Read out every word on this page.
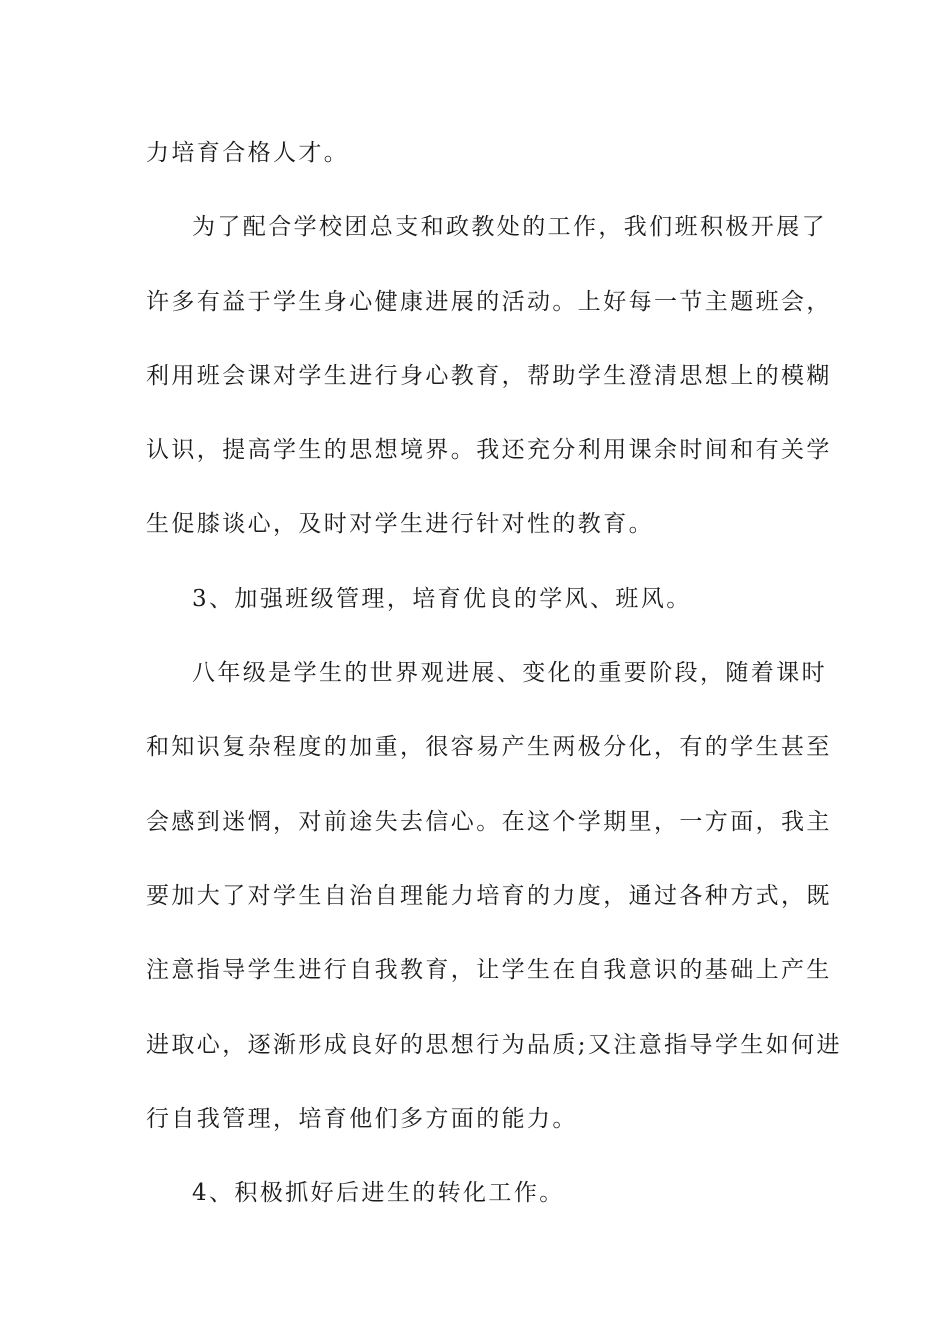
力培育合格人才。
为了配合学校团总支和政教处的工作，我们班积极开展了
许多有益于学生身心健康进展的活动。上好每一节主题班会，
利用班会课对学生进行身心教育，帮助学生澄清思想上的模糊
认识，提高学生的思想境界。我还充分利用课余时间和有关学
生促膝谈心，及时对学生进行针对性的教育。
3、加强班级管理，培育优良的学风、班风。
八年级是学生的世界观进展、变化的重要阶段，随着课时
和知识复杂程度的加重，很容易产生两极分化，有的学生甚至
会感到迷惘，对前途失去信心。在这个学期里，一方面，我主
要加大了对学生自治自理能力培育的力度，通过各种方式，既
注意指导学生进行自我教育，让学生在自我意识的基础上产生
进取心，逐渐形成良好的思想行为品质;又注意指导学生如何进
行自我管理，培育他们多方面的能力。
4、积极抓好后进生的转化工作。
